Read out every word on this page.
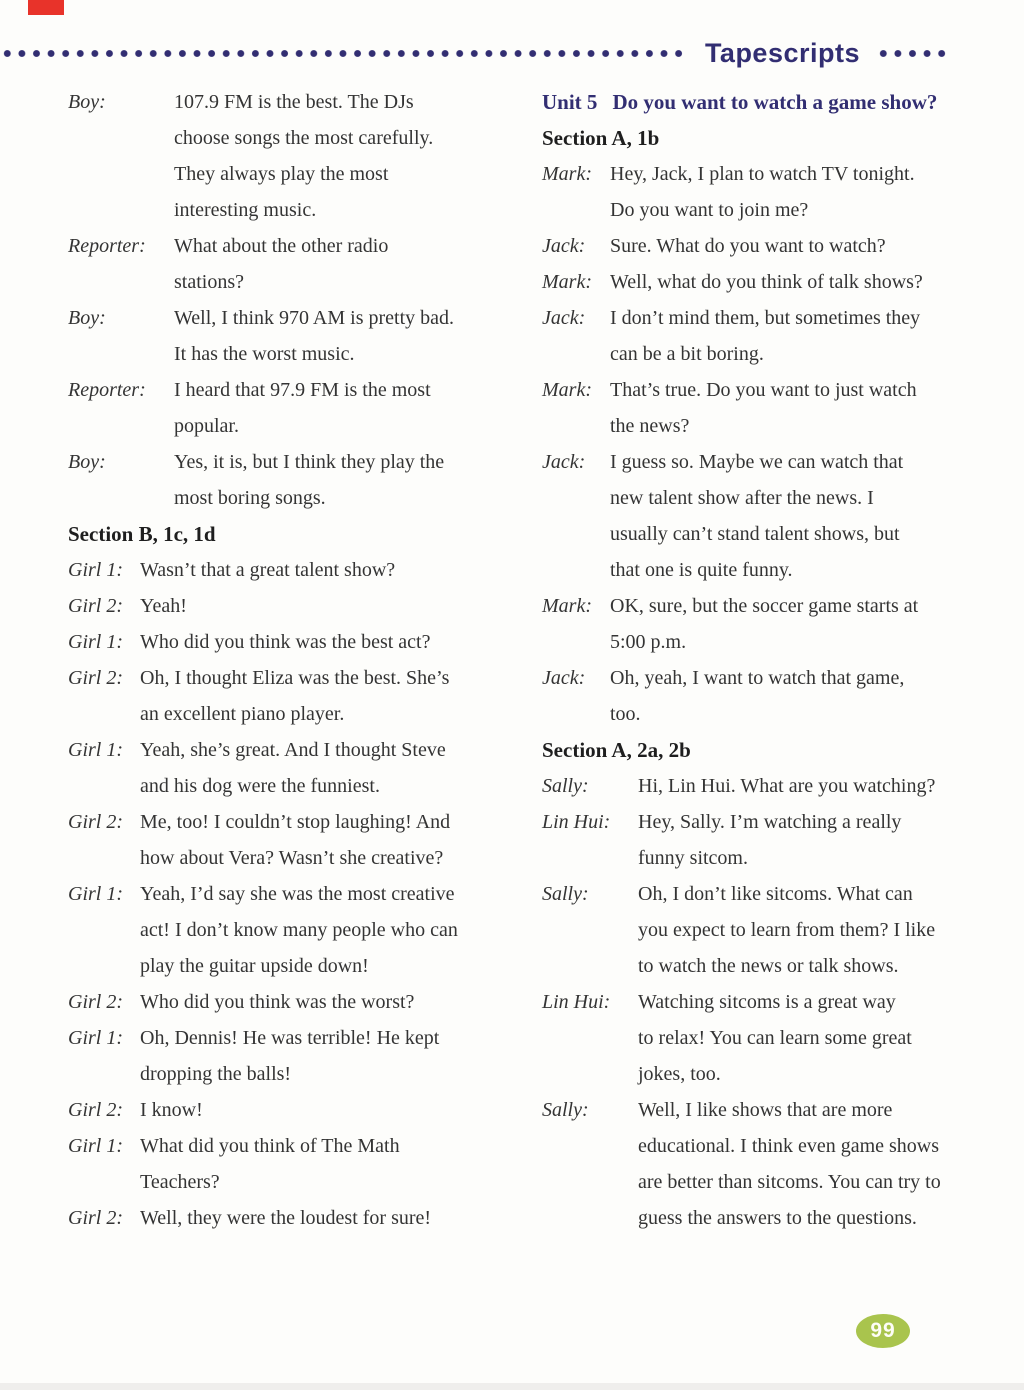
Tapescripts
Boy:	107.9 FM is the best. The DJs
choose songs the most carefully.
They always play the most
interesting music.
Reporter:	What about the other radio
stations?
Boy:	Well, I think 970 AM is pretty bad.
It has the worst music.
Reporter:	I heard that 97.9 FM is the most
popular.
Boy:	Yes, it is, but I think they play the
most boring songs.
Section B, 1c, 1d
Girl 1: Wasn’t that a great talent show?
Girl 2: Yeah!
Girl 1: Who did you think was the best act?
Girl 2: Oh, I thought Eliza was the best. She’s
an excellent piano player.
Girl 1: Yeah, she’s great. And I thought Steve
and his dog were the funniest.
Girl 2: Me, too! I couldn’t stop laughing! And
how about Vera? Wasn’t she creative?
Girl 1: Yeah, I’d say she was the most creative
act! I don’t know many people who can
play the guitar upside down!
Girl 2: Who did you think was the worst?
Girl 1: Oh, Dennis! He was terrible! He kept
dropping the balls!
Girl 2: I know!
Girl 1: What did you think of The Math
Teachers?
Girl 2: Well, they were the loudest for sure!
Unit 5 Do you want to watch a game show?
Section A, 1b
Mark: Hey, Jack, I plan to watch TV tonight.
Do you want to join me?
Jack:	Sure. What do you want to watch?
Mark: Well, what do you think of talk shows?
Jack:	I don’t mind them, but sometimes they
can be a bit boring.
Mark: That’s true. Do you want to just watch
the news?
Jack:	I guess so. Maybe we can watch that
new talent show after the news. I
usually can’t stand talent shows, but
that one is quite funny.
Mark: OK, sure, but the soccer game starts at
5:00 p.m.
Jack:	Oh, yeah, I want to watch that game,
too.
Section A, 2a, 2b
Sally:	Hi, Lin Hui. What are you watching?
Lin Hui:	Hey, Sally. I’m watching a really
funny sitcom.
Sally:	Oh, I don’t like sitcoms. What can
you expect to learn from them? I like
to watch the news or talk shows.
Lin Hui:	Watching sitcoms is a great way
to relax! You can learn some great
jokes, too.
Sally:	Well, I like shows that are more
educational. I think even game shows
are better than sitcoms. You can try to
guess the answers to the questions.
99
